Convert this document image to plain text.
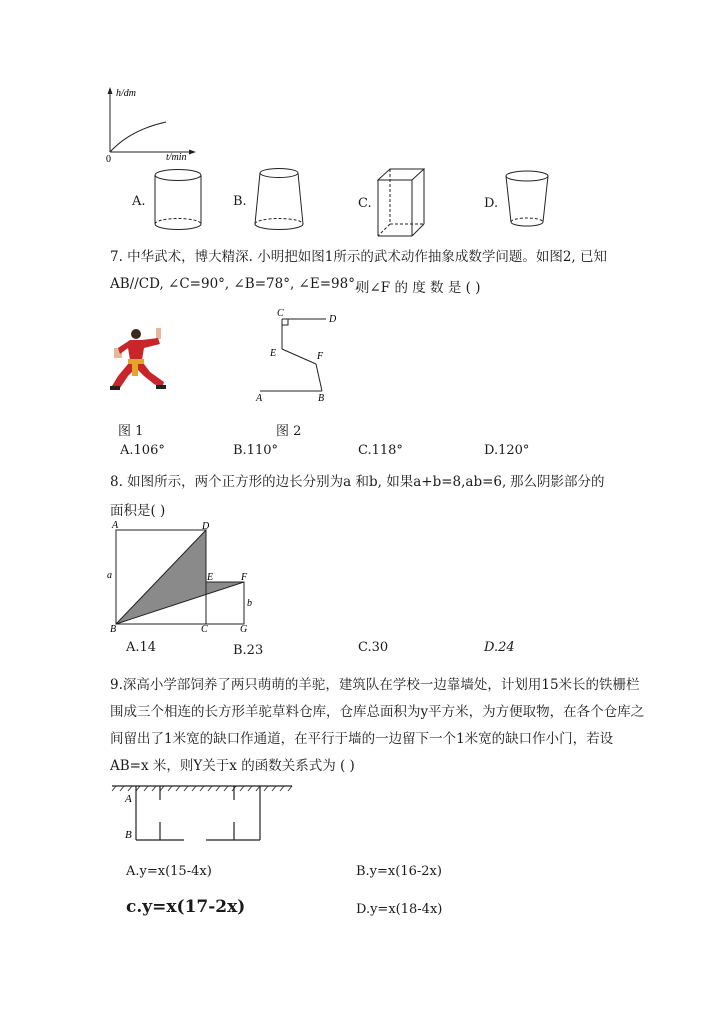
h/dm
0	t/min
A.	B.	C.	D.
7. 中华武术，博大精深. 小明把如图1所示的武术动作抽象成数学问题。如图2, 已知
AB//CD, ∠C=90°, ∠B=78°, ∠E=98°,
则∠F 的 度 数 是 ( )
图 1
C
D
E	F
A	B
图 2
A.106°	B.110°	C.118°	D.120°
8. 如图所示，两个正方形的边长分别为a 和b, 如果a+b=8,ab=6, 那么阴影部分的
面积是( )
A	D
E	F
a
b
B	C	G
A.14	B.23	C.30	D.24
9.深高小学部饲养了两只萌萌的羊驼，建筑队在学校一边靠墙处，计划用15米长的铁栅栏
围成三个相连的长方形羊驼草料仓库，仓库总面积为y平方米，为方便取物，在各个仓库之
间留出了1米宽的缺口作通道，在平行于墙的一边留下一个1米宽的缺口作小门，若设
AB=x 米，则Y关于x 的函数关系式为 ( )
A
B
A.y=x(15-4x)	B.y=x(16-2x)
c.y=x(17-2x)	D.y=x(18-4x)
